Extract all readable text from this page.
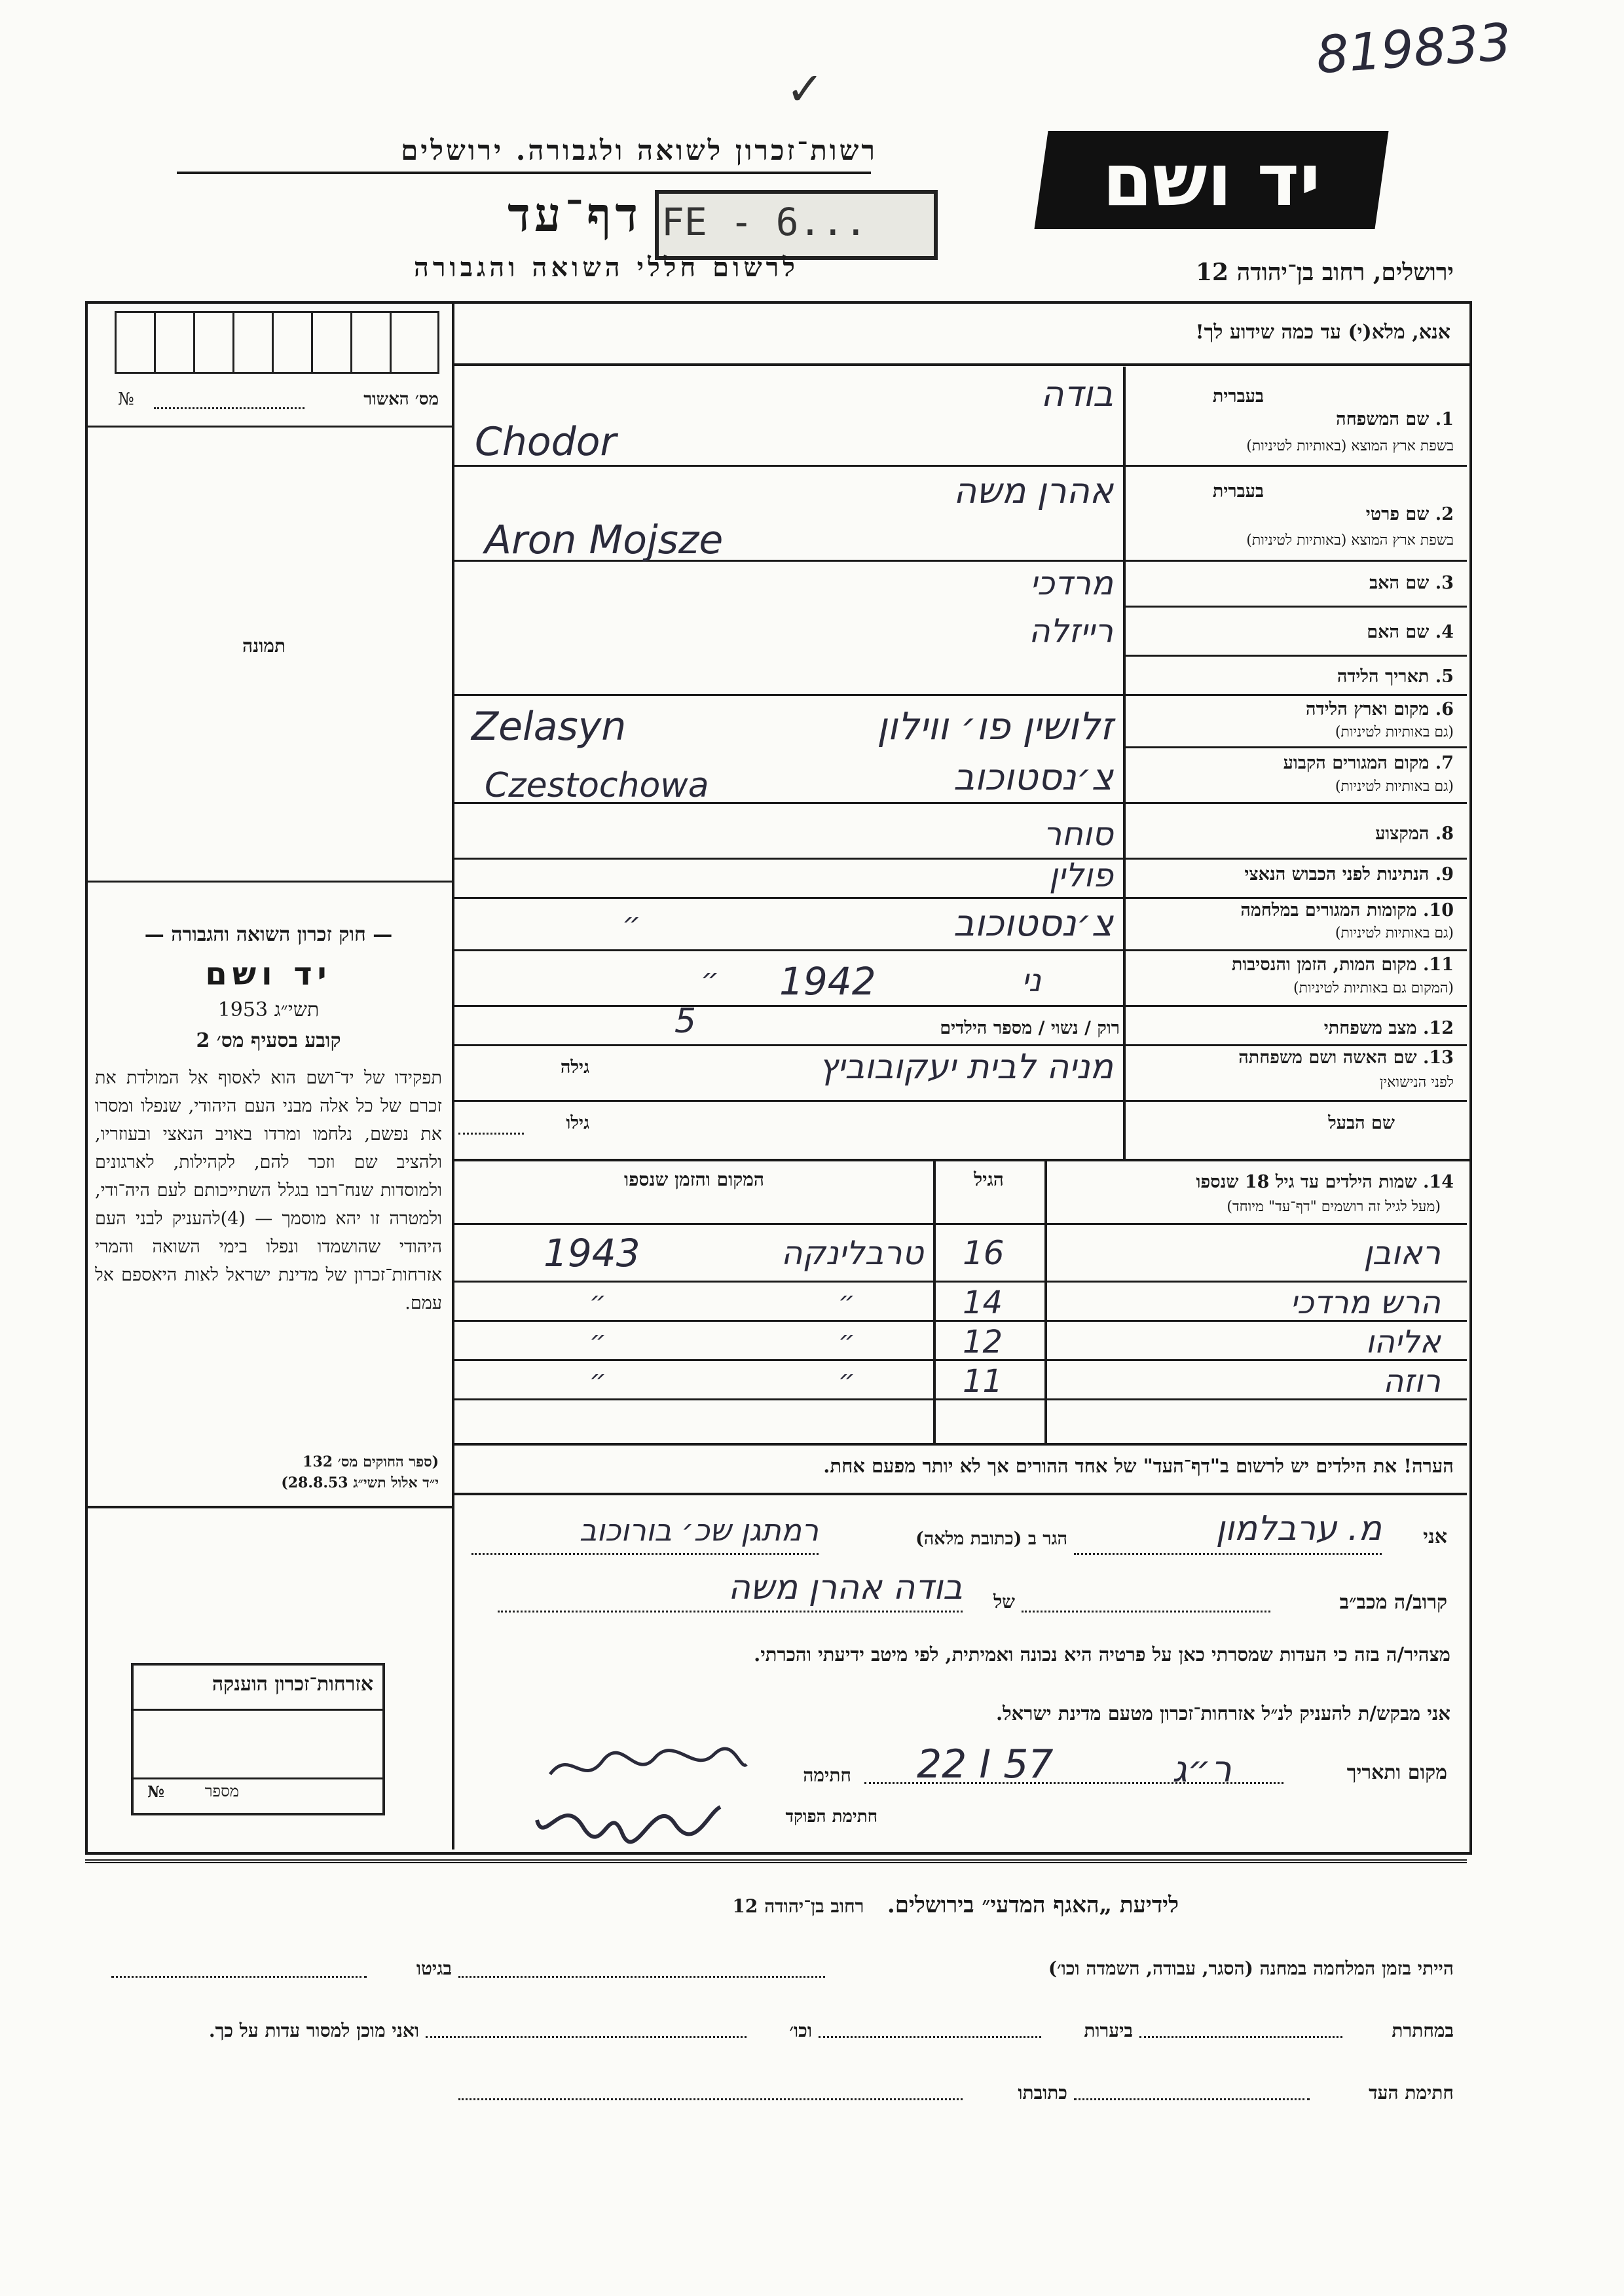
819833
✓
רשות־זכרון לשואה ולגבורה. ירושלים
FE - 6...
דף־עד
לרשום חללי השואה והגבורה
יד ושם
ירושלים, רחוב בן־יהודה 12
מס׳ האשור
№
תמונה
— חוק זכרון השואה והגבורה —
יד ושם
תשי״ג 1953
קובע בסעיף מס׳ 2
תפקידו של יד־ושם הוא לאסוף אל המולדת את זכרם של כל אלה מבני העם היהודי, שנפלו ומסרו את נפשם, נלחמו ומרדו באויב הנאצי ובעוזריו, ולהציב שם וזכר להם, לקהילות, לארגונים ולמוסדות שנח־רבו בגלל השתייכותם לעם היה־ודי, ולמטרה זו יהא מוסמך — (4)להעניק לבני העם היהודי שהושמדו ונפלו בימי השואה והמרי אזרחות־זכרון של מדינת ישראל לאות היאספם אל עמם.
(ספר החוקים מס׳ 132
י״ד אלול תשי״ג 28.8.53)
אזרחות־זכרון הוענקה
מספר
№
אנא, מלא(י) עד כמה שידוע לך!
בעברית
1. שם המשפחה
בשפת ארץ המוצא (באותיות לטיניות)
בודה
Chodor
בעברית
2. שם פרטי
בשפת ארץ המוצא (באותיות לטיניות)
אהרן משה
Aron Mojsze
3. שם האב
מרדכי
4. שם האם
רייזלה
5. תאריך הלידה
6. מקום וארץ הלידה
(גם באותיות לטיניות)
זלושין פו׳ ווילון
Zelasyn
7. מקום המגורים הקבוע
(גם באותיות לטיניות)
צ׳נסטוכוב
Czestochowa
8. המקצוע
סוחר
9. הנתינות לפני הכבוש הנאצי
פולין
10. מקומות המגורים במלחמה
(גם באותיות לטיניות)
צ׳נסטוכוב
״
11. מקום המות, הזמן והנסיבות
(המקום גם באותיות לטיניות)
1942	ני
״
12. מצב משפחתי
רוק / נשוי / מספר הילדים
5
13. שם האשה ושם משפחתה
לפני הנישואין
מניה לבית יעקובוביץ
גילה
שם הבעל
גילו
14. שמות הילדים עד גיל 18 שנספו
(מעל לגיל זה רושמים "דף־עד" מיוחד)
הגיל
המקום והזמן שנספו
ראובן
16
טרבלינקה
1943
הרש מרדכי
14
״
״
אליהו
12
״
״
רוזה
11
״
״
הערה! את הילדים יש לרשום ב"דף־העד" של אחד ההורים אך לא יותר מפעם אחת.
אני
מ. ערבלמון
הגר ב (כתובת מלאה)
רמתגן שכ׳ בורוכוב
קרוב/ה מכב״ב
של
בודה אהרן משה
מצהיר/ה בזה כי העדות שמסרתי כאן על פרטיה היא נכונה ואמיתית, לפי מיטב ידיעתי והכרתי.
אני מבקש/ת להעניק לנ״ל אזרחות־זכרון מטעם מדינת ישראל.
מקום ותאריך
ר״ג
22 I 57
חתימה
חתימת הפוקד
לידיעת „האגף המדעי״ בירושלים.   רחוב בן־יהודה 12
הייתי בזמן המלחמה במחנה (הסגר, עבודה, השמדה וכו׳)
בגיטו
במחתרת
ביערות
וכו׳
ואני מוכן למסור עדות על כך.
חתימת העד
כתובתו
